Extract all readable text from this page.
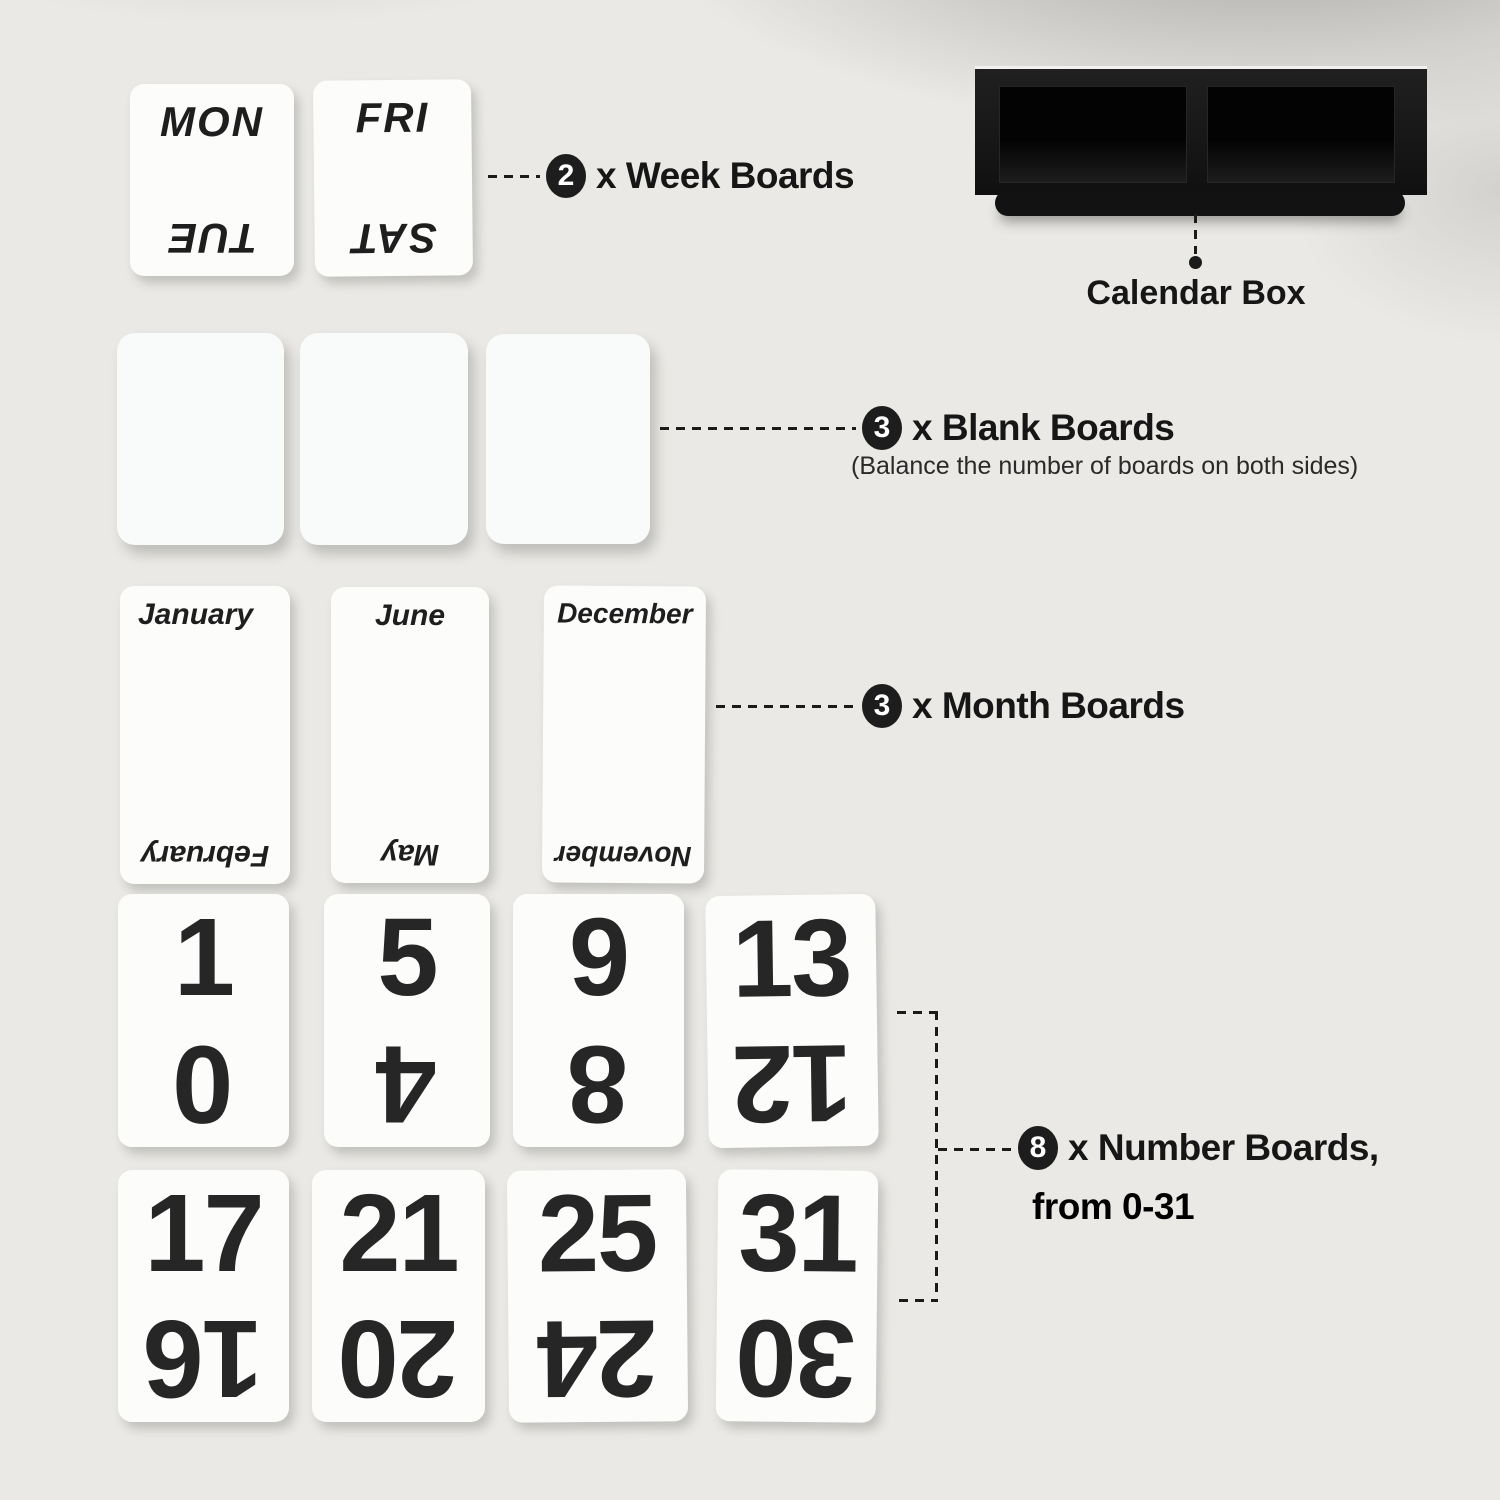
MON
TUE
FRI
SAT
2 x Week Boards
Calendar Box
3 x Blank Boards
(Balance the number of boards on both sides)
January
February
June
May
December
November
3 x Month Boards
1
0
5
4
9
8
13
12
17
16
21
20
25
24
31
30
8 x Number Boards,
from 0-31
